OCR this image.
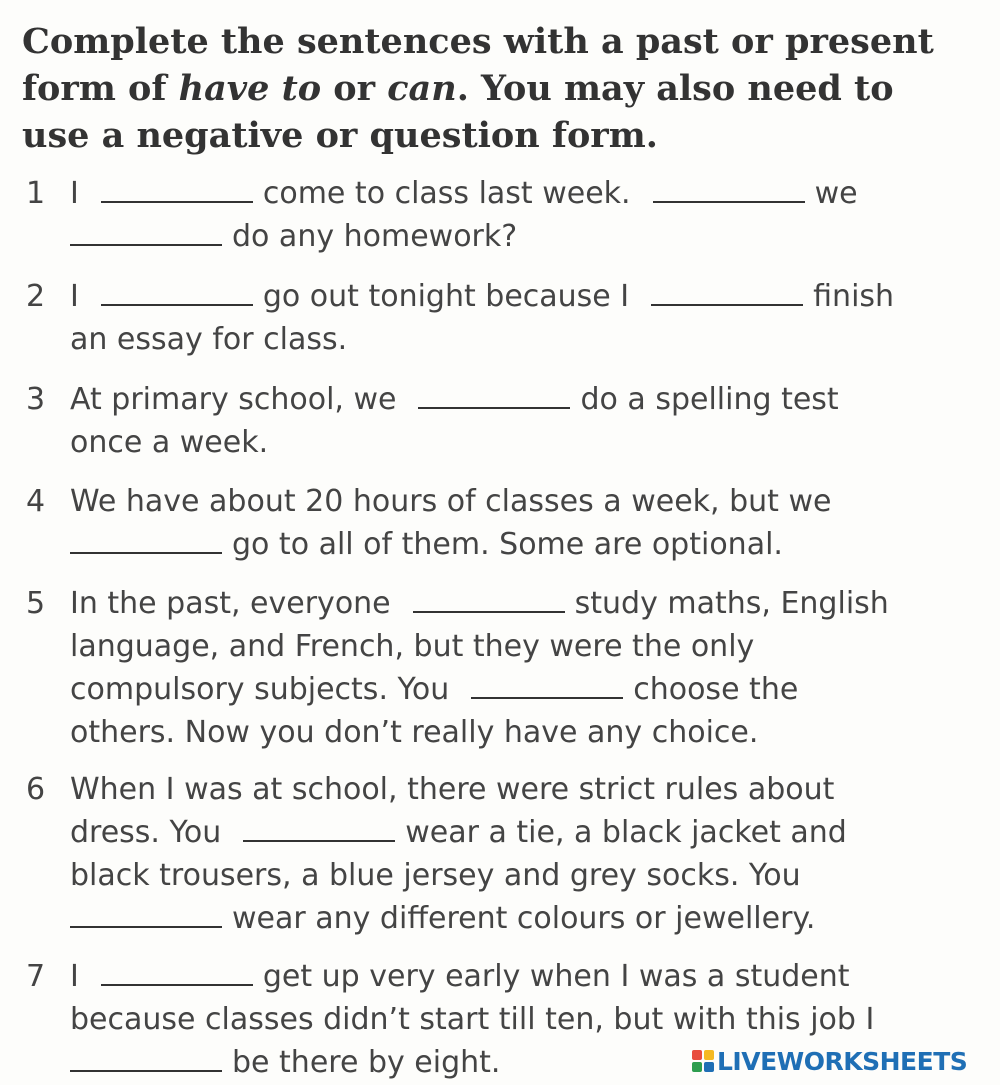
Complete the sentences with a past or present form of have to or can. You may also need to use a negative or question form.

1 I	come to class last week.	we
do any homework?
2 I	go out tonight because I	finish
an essay for class.
3 At primary school, we	do a spelling test
once a week.
4 We have about 20 hours of classes a week, but we
go to all of them. Some are optional.
5 In the past, everyone	study maths, English
language, and French, but they were the only
compulsory subjects. You	choose the
others. Now you don’t really have any choice.
6 When I was at school, there were strict rules about
dress. You	wear a tie, a black jacket and
black trousers, a blue jersey and grey socks. You
wear any different colours or jewellery.
7 I	get up very early when I was a student
because classes didn’t start till ten, but with this job I
be there by eight.	LIVEWORKSHEETS
